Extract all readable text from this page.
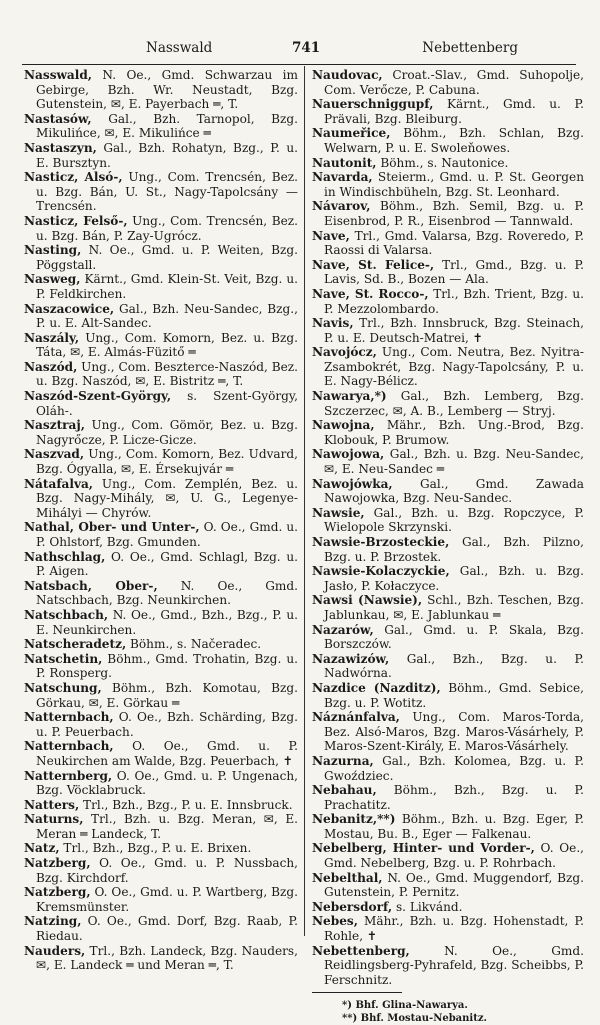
Nasswald	741	Nebettenberg

Nasswald, N. Oe., Gmd. Schwarzau im Gebirge, Bzh. Wr. Neustadt, Bzg. Gutenstein, ✉, E. Payerbach ═, T.

Nastasów, Gal., Bzh. Tarnopol, Bzg. Mikulińce, ✉, E. Mikulińce ═

Nastaszyn, Gal., Bzh. Rohatyn, Bzg., P. u. E. Bursztyn.

Nasticz, Alsó-, Ung., Com. Trencsén, Bez. u. Bzg. Bán, U. St., Nagy-Tapolcsány — Trencsén.

Nasticz, Felső-, Ung., Com. Trencsén, Bez. u. Bzg. Bán, P. Zay-Ugrócz.

Nasting, N. Oe., Gmd. u. P. Weiten, Bzg. Pöggstall.

Nasweg, Kärnt., Gmd. Klein-St. Veit, Bzg. u. P. Feldkirchen.

Naszacowice, Gal., Bzh. Neu-Sandec, Bzg., P. u. E. Alt-Sandec.

Naszály, Ung., Com. Komorn, Bez. u. Bzg. Táta, ✉, E. Almás-Füzitő ═

Naszód, Ung., Com. Beszterce-Naszód, Bez. u. Bzg. Naszód, ✉, E. Bistritz ═, T.

Naszód-Szent-György, s. Szent-György, Oláh-.

Nasztraj, Ung., Com. Gömör, Bez. u. Bzg. Nagyrőcze, P. Licze-Gicze.

Naszvad, Ung., Com. Komorn, Bez. Udvard, Bzg. Ógyalla, ✉, E. Érsekujvár ═

Nátafalva, Ung., Com. Zemplén, Bez. u. Bzg. Nagy-Mihály, ✉, U. G., Legenye-Mihályi — Chyrów.

Nathal, Ober- und Unter-, O. Oe., Gmd. u. P. Ohlstorf, Bzg. Gmunden.

Nathschlag, O. Oe., Gmd. Schlagl, Bzg. u. P. Aigen.

Natsbach, Ober-, N. Oe., Gmd. Natschbach, Bzg. Neunkirchen.

Natschbach, N. Oe., Gmd., Bzh., Bzg., P. u. E. Neunkirchen.

Natscheradetz, Böhm., s. Načeradec.

Natschetin, Böhm., Gmd. Trohatin, Bzg. u. P. Ronsperg.

Natschung, Böhm., Bzh. Komotau, Bzg. Görkau, ✉, E. Görkau ═

Natternbach, O. Oe., Bzh. Schärding, Bzg. u. P. Peuerbach.

Natternbach, O. Oe., Gmd. u. P. Neukirchen am Walde, Bzg. Peuerbach, ✝

Natternberg, O. Oe., Gmd. u. P. Ungenach, Bzg. Vöcklabruck.

Natters, Trl., Bzh., Bzg., P. u. E. Innsbruck.

Naturns, Trl., Bzh. u. Bzg. Meran, ✉, E. Meran ═ Landeck, T.

Natz, Trl., Bzh., Bzg., P. u. E. Brixen.

Natzberg, O. Oe., Gmd. u. P. Nussbach, Bzg. Kirchdorf.

Natzberg, O. Oe., Gmd. u. P. Wartberg, Bzg. Kremsmünster.

Natzing, O. Oe., Gmd. Dorf, Bzg. Raab, P. Riedau.

Nauders, Trl., Bzh. Landeck, Bzg. Nauders, ✉, E. Landeck ═ und Meran ═, T.

Naudovac, Croat.-Slav., Gmd. Suhopolje, Com. Verőcze, P. Cabuna.

Nauerschniggupf, Kärnt., Gmd. u. P. Prävali, Bzg. Bleiburg.

Naumeřice, Böhm., Bzh. Schlan, Bzg. Welwarn, P. u. E. Swoleňowes.

Nautonit, Böhm., s. Nautonice.

Navarda, Steierm., Gmd. u. P. St. Georgen in Windischbüheln, Bzg. St. Leonhard.

Návarov, Böhm., Bzh. Semil, Bzg. u. P. Eisenbrod, P. R., Eisenbrod — Tannwald.

Nave, Trl., Gmd. Valarsa, Bzg. Roveredo, P. Raossi di Valarsa.

Nave, St. Felice-, Trl., Gmd., Bzg. u. P. Lavis, Sd. B., Bozen — Ala.

Nave, St. Rocco-, Trl., Bzh. Trient, Bzg. u. P. Mezzolombardo.

Navis, Trl., Bzh. Innsbruck, Bzg. Steinach, P. u. E. Deutsch-Matrei, ✝

Navojócz, Ung., Com. Neutra, Bez. Nyitra-Zsambokrét, Bzg. Nagy-Tapolcsány, P. u. E. Nagy-Bélicz.

Nawarya,*) Gal., Bzh. Lemberg, Bzg. Szczerzec, ✉, A. B., Lemberg — Stryj.

Nawojna, Mähr., Bzh. Ung.-Brod, Bzg. Klobouk, P. Brumow.

Nawojowa, Gal., Bzh. u. Bzg. Neu-Sandec, ✉, E. Neu-Sandec ═

Nawojówka, Gal., Gmd. Zawada Nawojowka, Bzg. Neu-Sandec.

Nawsie, Gal., Bzh. u. Bzg. Ropczyce, P. Wielopole Skrzynski.

Nawsie-Brzosteckie, Gal., Bzh. Pilzno, Bzg. u. P. Brzostek.

Nawsie-Kolaczyckie, Gal., Bzh. u. Bzg. Jasło, P. Kołaczyce.

Nawsi (Nawsie), Schl., Bzh. Teschen, Bzg. Jablunkau, ✉, E. Jablunkau ═

Nazarów, Gal., Gmd. u. P. Skala, Bzg. Borszczów.

Nazawizów, Gal., Bzh., Bzg. u. P. Nadwórna.

Nazdice (Nazditz), Böhm., Gmd. Sebice, Bzg. u. P. Wotitz.

Náznánfalva, Ung., Com. Maros-Torda, Bez. Alsó-Maros, Bzg. Maros-Vásárhely, P. Maros-Szent-Király, E. Maros-Vásárhely.

Nazurna, Gal., Bzh. Kolomea, Bzg. u. P. Gwoździec.

Nebahau, Böhm., Bzh., Bzg. u. P. Prachatitz.

Nebanitz,**) Böhm., Bzh. u. Bzg. Eger, P. Mostau, Bu. B., Eger — Falkenau.

Nebelberg, Hinter- und Vorder-, O. Oe., Gmd. Nebelberg, Bzg. u. P. Rohrbach.

Nebelthal, N. Oe., Gmd. Muggendorf, Bzg. Gutenstein, P. Pernitz.

Nebersdorf, s. Likvánd.

Nebes, Mähr., Bzh. u. Bzg. Hohenstadt, P. Rohle, ✝

Nebettenberg, N. Oe., Gmd. Reidlingsberg-Pyhrafeld, Bzg. Scheibbs, P. Ferschnitz.

*) Bhf. Glina-Nawarya.
**) Bhf. Mostau-Nebanitz.
